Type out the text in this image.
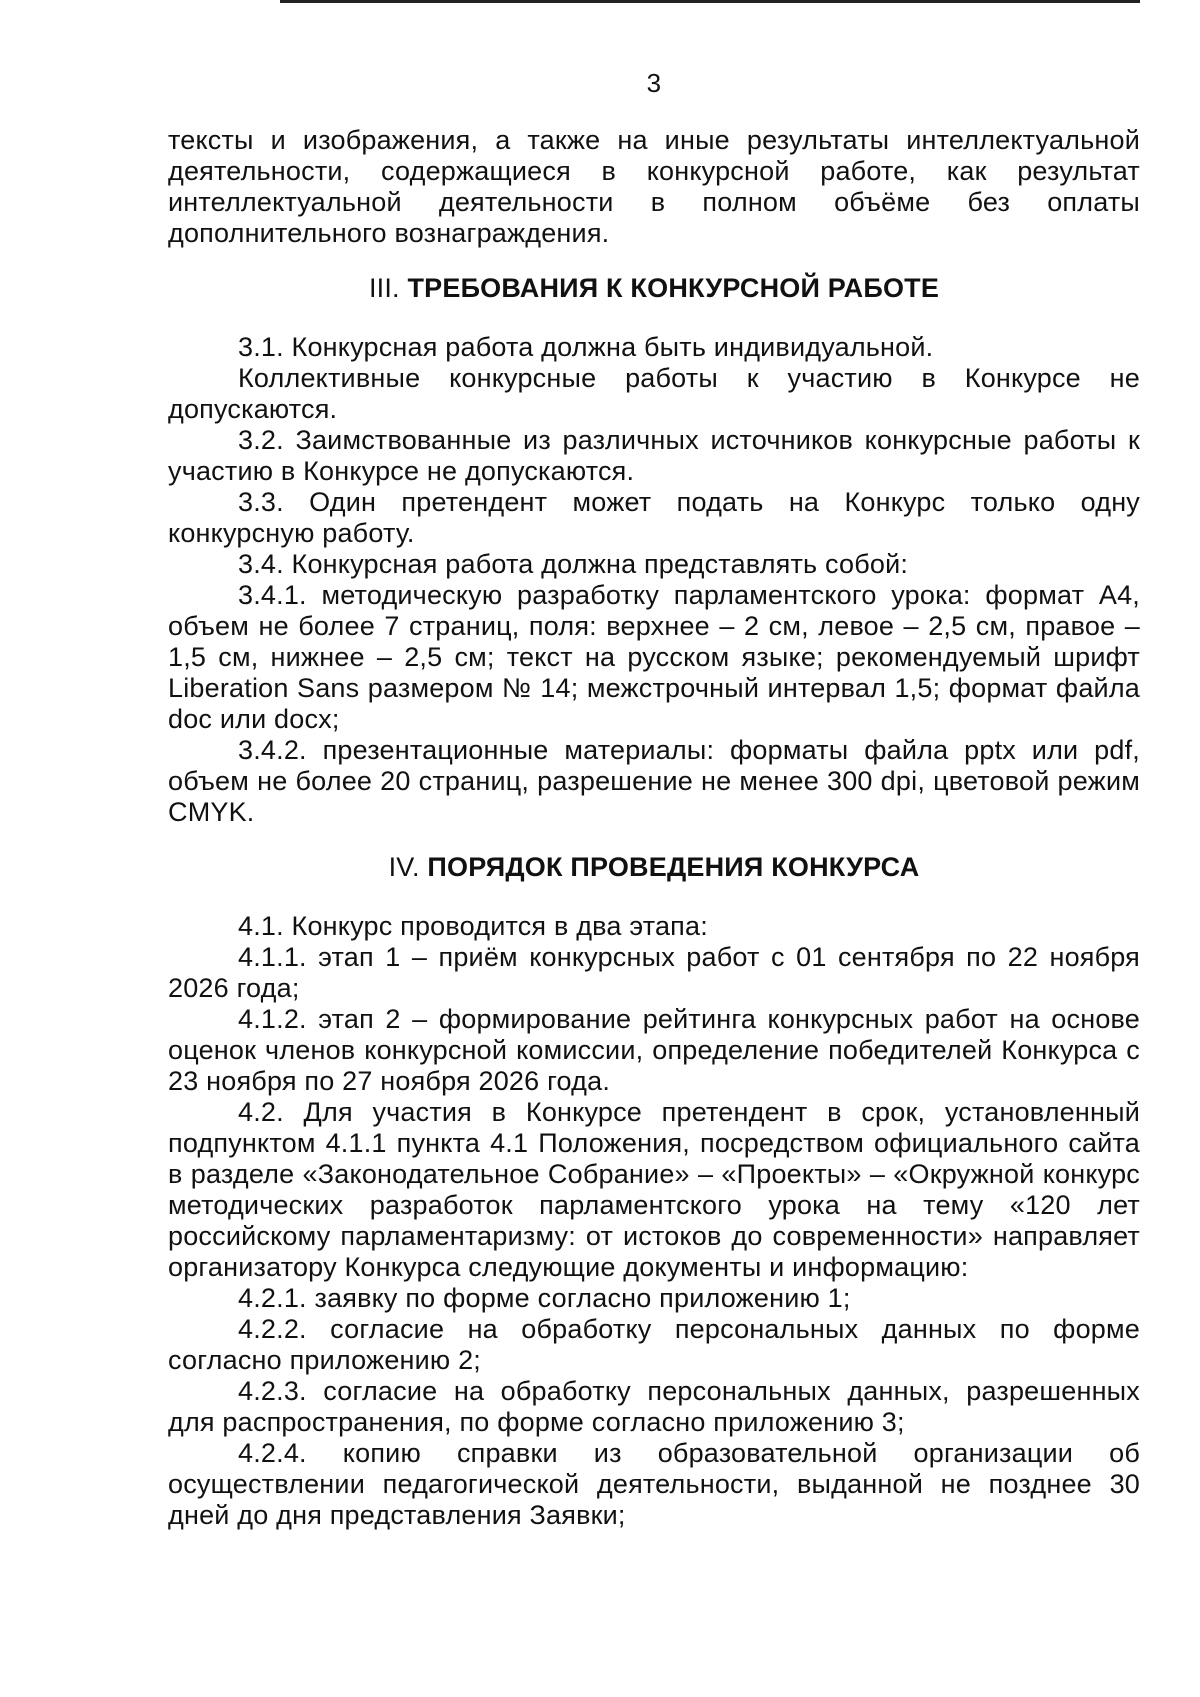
3

тексты и изображения, а также на иные результаты интеллектуальной деятельности, содержащиеся в конкурсной работе, как результат интеллектуальной деятельности в полном объёме без оплаты дополнительного вознаграждения.

III. ТРЕБОВАНИЯ К КОНКУРСНОЙ РАБОТЕ

3.1. Конкурсная работа должна быть индивидуальной.

Коллективные конкурсные работы к участию в Конкурсе не допускаются.

3.2. Заимствованные из различных источников конкурсные работы к участию в Конкурсе не допускаются.

3.3. Один претендент может подать на Конкурс только одну конкурсную работу.

3.4. Конкурсная работа должна представлять собой:

3.4.1. методическую разработку парламентского урока: формат А4, объем не более 7 страниц, поля: верхнее – 2 см, левое – 2,5 см, правое – 1,5 см, нижнее – 2,5 см; текст на русском языке; рекомендуемый шрифт Liberation Sans размером № 14; межстрочный интервал 1,5; формат файла doc или docx;

3.4.2. презентационные материалы: форматы файла pptx или pdf, объем не более 20 страниц, разрешение не менее 300 dpi, цветовой режим CMYK.

IV. ПОРЯДОК ПРОВЕДЕНИЯ КОНКУРСА

4.1. Конкурс проводится в два этапа:

4.1.1. этап 1 – приём конкурсных работ с 01 сентября по 22 ноября 2026 года;

4.1.2. этап 2 – формирование рейтинга конкурсных работ на основе оценок членов конкурсной комиссии, определение победителей Конкурса с 23 ноября по 27 ноября 2026 года.

4.2. Для участия в Конкурсе претендент в срок, установленный подпунктом 4.1.1 пункта 4.1 Положения, посредством официального сайта в разделе «Законодательное Собрание» – «Проекты» – «Окружной конкурс методических разработок парламентского урока на тему «120 лет российскому парламентаризму: от истоков до современности» направляет организатору Конкурса следующие документы и информацию:

4.2.1. заявку по форме согласно приложению 1;

4.2.2. согласие на обработку персональных данных по форме согласно приложению 2;

4.2.3. согласие на обработку персональных данных, разрешенных для распространения, по форме согласно приложению 3;

4.2.4. копию справки из образовательной организации об осуществлении педагогической деятельности, выданной не позднее 30 дней до дня представления Заявки;
